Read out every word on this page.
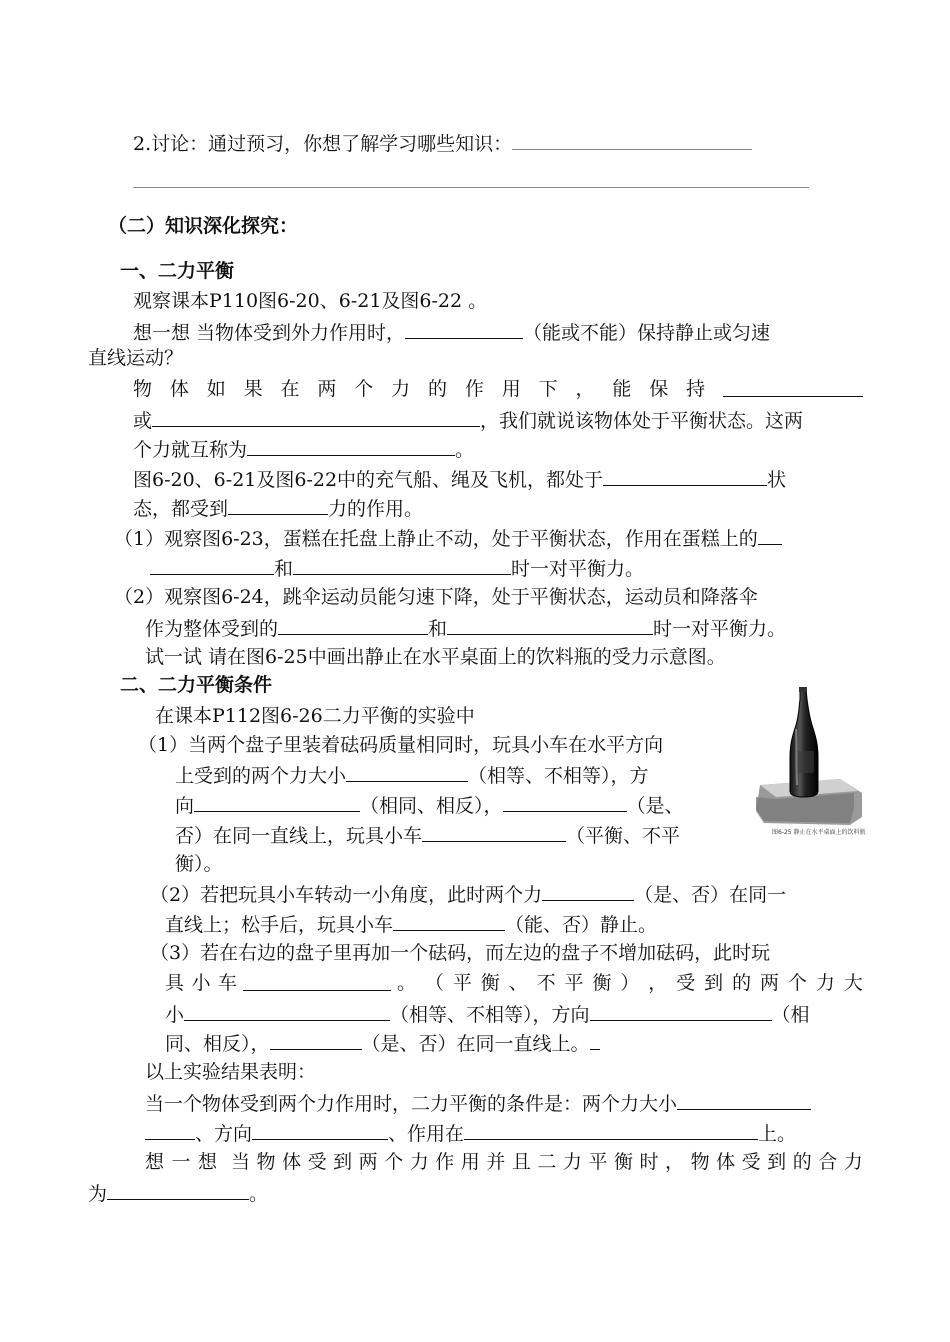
2.讨论：通过预习，你想了解学习哪些知识：
（二）知识深化探究：
一、二力平衡
观察课本P110图6-20、6-21及图6-22 。
想一想 当物体受到外力作用时，	（能或不能）保持静止或匀速
直线运动？
物 体 如 果 在 两 个 力 的 作 用 下 ， 能 保 持
或	，我们就说该物体处于平衡状态。这两
个力就互称为	。
图6-20、6-21及图6-22中的充气船、绳及飞机，都处于	状
态，都受到	力的作用。
（1）观察图6-23，蛋糕在托盘上静止不动，处于平衡状态，作用在蛋糕上的
和	时一对平衡力。
（2）观察图6-24，跳伞运动员能匀速下降，处于平衡状态，运动员和降落伞
作为整体受到的	和	时一对平衡力。
试一试 请在图6-25中画出静止在水平桌面上的饮料瓶的受力示意图。
二、二力平衡条件
在课本P112图6-26二力平衡的实验中
（1）当两个盘子里装着砝码质量相同时，玩具小车在水平方向
上受到的两个力大小	（相等、不相等），方
向	（相同、相反），	（是、
否）在同一直线上，玩具小车	（平衡、不平
衡）。
（2）若把玩具小车转动一小角度，此时两个力	（是、否）在同一
直线上；松手后，玩具小车	（能、否）静止。
（3）若在右边的盘子里再加一个砝码，而左边的盘子不增加砝码，此时玩
具 小 车	。 （ 平 衡 、 不 平 衡 ） ， 受 到 的 两 个 力 大
小	（相等、不相等），方向	（相
同、相反），	（是、否）在同一直线上。
以上实验结果表明：
当一个物体受到两个力作用时，二力平衡的条件是：两个力大小
、方向	、作用在	上。
想 一 想 当 物 体 受 到 两 个 力 作 用 并 且 二 力 平 衡 时 ， 物 体 受 到 的 合 力
为	。
图6-25 静止在水平桌面上的饮料瓶
